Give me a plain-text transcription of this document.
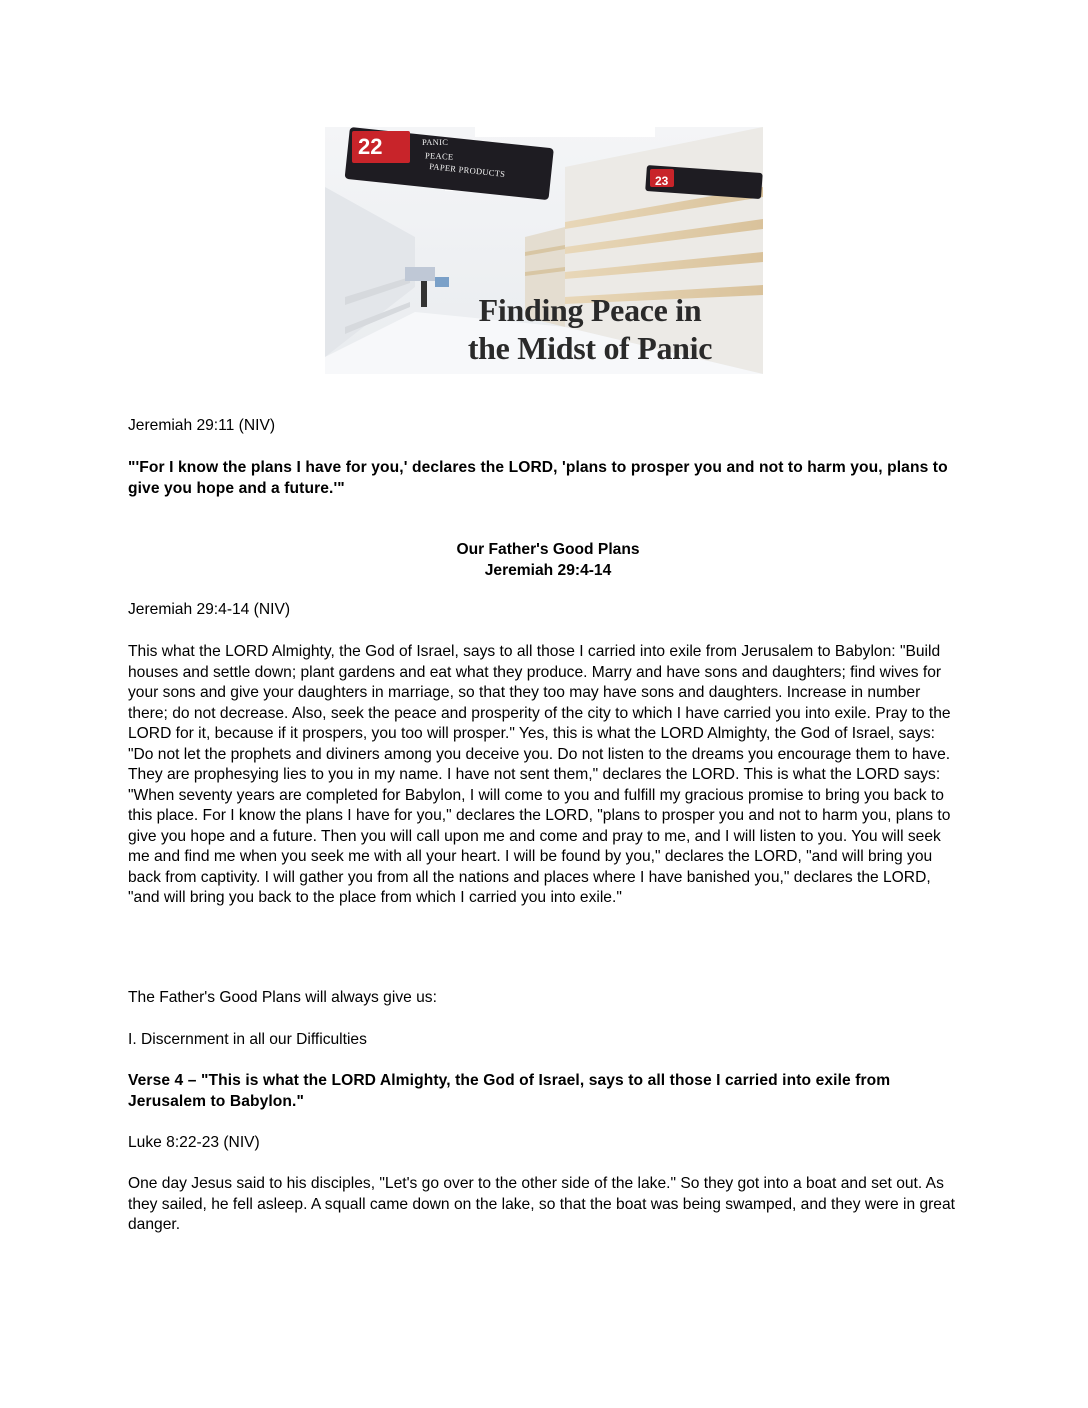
22	PANIC
PEACE
PAPER PRODUCTS
23
Finding Peace in
the Midst of Panic
Jeremiah 29:11 (NIV)
"'For I know the plans I have for you,' declares the LORD, 'plans to prosper you and not to harm you, plans to give you hope and a future.'"
Our Father's Good Plans
Jeremiah 29:4-14
Jeremiah 29:4-14 (NIV)
This what the LORD Almighty, the God of Israel, says to all those I carried into exile from Jerusalem to Babylon: "Build houses and settle down; plant gardens and eat what they produce. Marry and have sons and daughters; find wives for your sons and give your daughters in marriage, so that they too may have sons and daughters. Increase in number there; do not decrease. Also, seek the peace and prosperity of the city to which I have carried you into exile. Pray to the LORD for it, because if it prospers, you too will prosper." Yes, this is what the LORD Almighty, the God of Israel, says: "Do not let the prophets and diviners among you deceive you. Do not listen to the dreams you encourage them to have. They are prophesying lies to you in my name. I have not sent them," declares the LORD. This is what the LORD says: "When seventy years are completed for Babylon, I will come to you and fulfill my gracious promise to bring you back to this place. For I know the plans I have for you," declares the LORD, "plans to prosper you and not to harm you, plans to give you hope and a future. Then you will call upon me and come and pray to me, and I will listen to you. You will seek me and find me when you seek me with all your heart. I will be found by you," declares the LORD, "and will bring you back from captivity. I will gather you from all the nations and places where I have banished you," declares the LORD, "and will bring you back to the place from which I carried you into exile."
The Father's Good Plans will always give us:
I. Discernment in all our Difficulties
Verse 4 – "This is what the LORD Almighty, the God of Israel, says to all those I carried into exile from Jerusalem to Babylon."
Luke 8:22-23 (NIV)
One day Jesus said to his disciples, "Let's go over to the other side of the lake." So they got into a boat and set out. As they sailed, he fell asleep. A squall came down on the lake, so that the boat was being swamped, and they were in great danger.
